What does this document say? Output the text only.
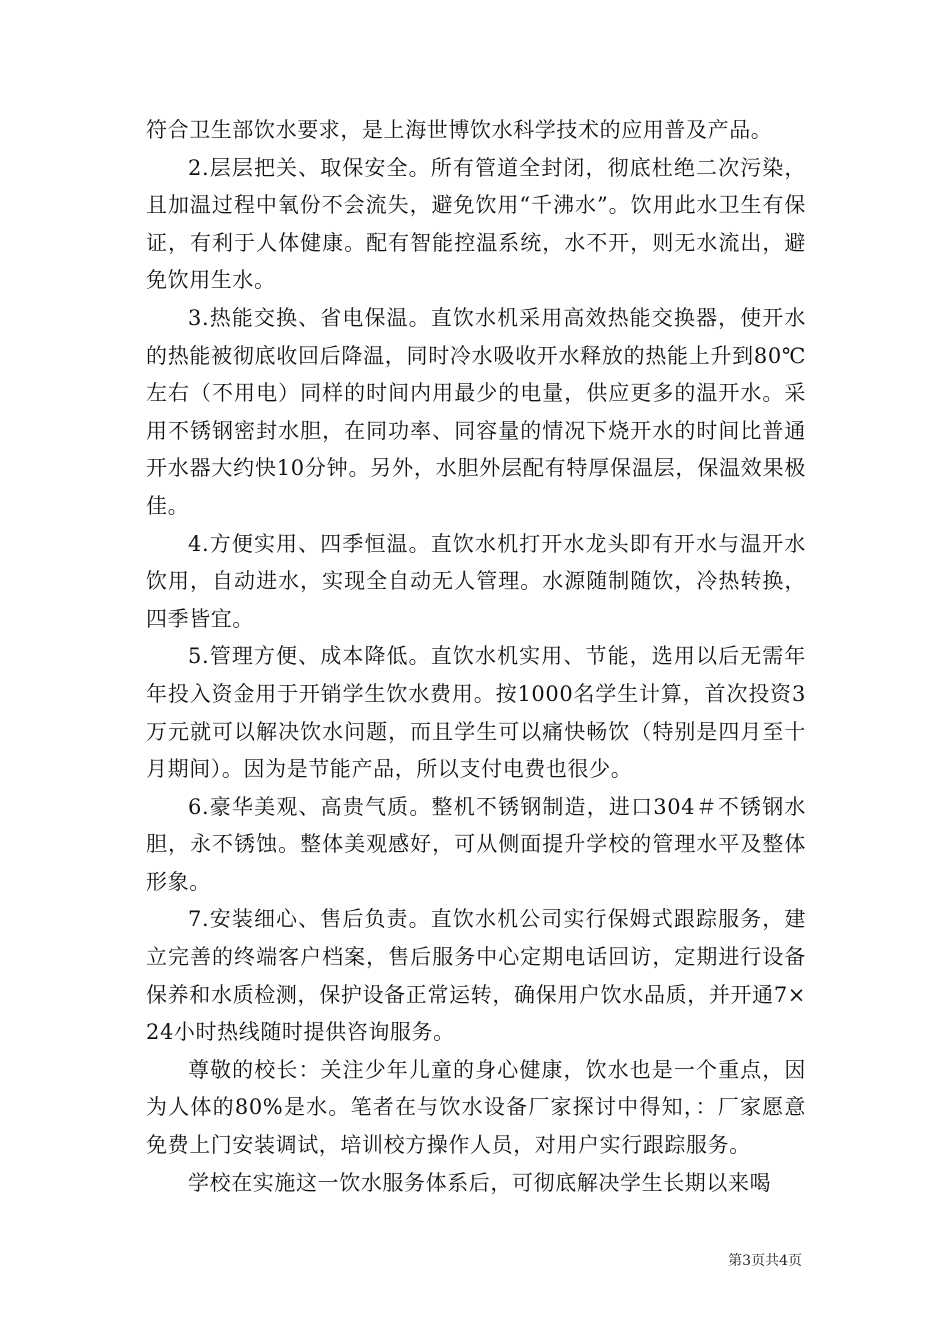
符合卫生部饮水要求，是上海世博饮水科学技术的应用普及产品。

2.层层把关、取保安全。所有管道全封闭，彻底杜绝二次污染，且加温过程中氧份不会流失，避免饮用“千沸水”。饮用此水卫生有保证，有利于人体健康。配有智能控温系统，水不开，则无水流出，避免饮用生水。

3.热能交换、省电保温。直饮水机采用高效热能交换器，使开水的热能被彻底收回后降温，同时冷水吸收开水释放的热能上升到80℃左右（不用电）同样的时间内用最少的电量，供应更多的温开水。采用不锈钢密封水胆，在同功率、同容量的情况下烧开水的时间比普通开水器大约快10分钟。另外，水胆外层配有特厚保温层，保温效果极佳。

4.方便实用、四季恒温。直饮水机打开水龙头即有开水与温开水饮用，自动进水，实现全自动无人管理。水源随制随饮，冷热转换，四季皆宜。

5.管理方便、成本降低。直饮水机实用、节能，选用以后无需年年投入资金用于开销学生饮水费用。按1000名学生计算，首次投资3万元就可以解决饮水问题，而且学生可以痛快畅饮（特别是四月至十月期间）。因为是节能产品，所以支付电费也很少。

6.豪华美观、高贵气质。整机不锈钢制造，进口304＃不锈钢水胆，永不锈蚀。整体美观感好，可从侧面提升学校的管理水平及整体形象。

7.安装细心、售后负责。直饮水机公司实行保姆式跟踪服务，建立完善的终端客户档案，售后服务中心定期电话回访，定期进行设备保养和水质检测，保护设备正常运转，确保用户饮水品质，并开通7×24小时热线随时提供咨询服务。

尊敬的校长：关注少年儿童的身心健康，饮水也是一个重点，因为人体的80%是水。笔者在与饮水设备厂家探讨中得知，：厂家愿意免费上门安装调试，培训校方操作人员，对用户实行跟踪服务。

学校在实施这一饮水服务体系后，可彻底解决学生长期以来喝

第3页共4页
